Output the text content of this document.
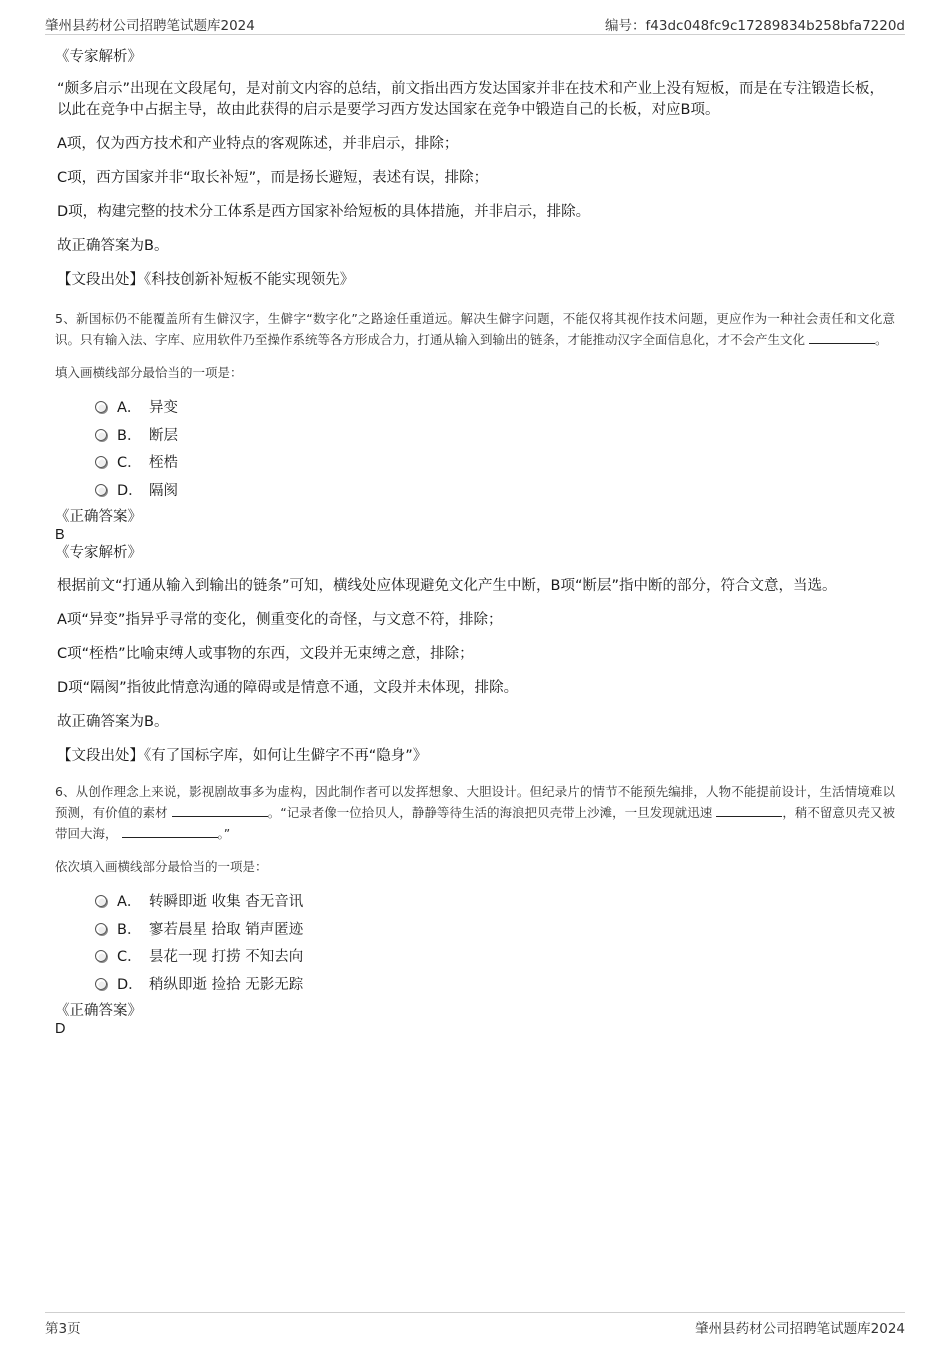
肇州县药材公司招聘笔试题库2024	编号：f43dc048fc9c17289834b258bfa7220d
《专家解析》
“颇多启示”出现在文段尾句，是对前文内容的总结，前文指出西方发达国家并非在技术和产业上没有短板，而是在专注锻造长板，以此在竞争中占据主导，故由此获得的启示是要学习西方发达国家在竞争中锻造自己的长板，对应B项。
A项，仅为西方技术和产业特点的客观陈述，并非启示，排除；
C项，西方国家并非“取长补短”，而是扬长避短，表述有误，排除；
D项，构建完整的技术分工体系是西方国家补给短板的具体措施，并非启示，排除。
故正确答案为B。
【文段出处】《科技创新补短板不能实现领先》
5、新国标仍不能覆盖所有生僻汉字，生僻字“数字化”之路途任重道远。解决生僻字问题，不能仅将其视作技术问题，更应作为一种社会责任和文化意识。只有输入法、字库、应用软件乃至操作系统等各方形成合力，打通从输入到输出的链条，才能推动汉字全面信息化，才不会产生文化	。
填入画横线部分最恰当的一项是：
A． 异变
B． 断层
C． 桎梏
D． 隔阂
《正确答案》
B
《专家解析》
根据前文“打通从输入到输出的链条”可知，横线处应体现避免文化产生中断，B项“断层”指中断的部分，符合文意，当选。
A项“异变”指异乎寻常的变化，侧重变化的奇怪，与文意不符，排除；
C项“桎梏”比喻束缚人或事物的东西，文段并无束缚之意，排除；
D项“隔阂”指彼此情意沟通的障碍或是情意不通，文段并未体现，排除。
故正确答案为B。
【文段出处】《有了国标字库，如何让生僻字不再“隐身”》
6、从创作理念上来说，影视剧故事多为虚构，因此制作者可以发挥想象、大胆设计。但纪录片的情节不能预先编排，人物不能提前设计，生活情境难以预测，有价值的素材	。“记录者像一位拾贝人，静静等待生活的海浪把贝壳带上沙滩，一旦发现就迅速	，稍不留意贝壳又被带回大海，	。”
依次填入画横线部分最恰当的一项是：
A． 转瞬即逝 收集 杳无音讯
B． 寥若晨星 拾取 销声匿迹
C． 昙花一现 打捞 不知去向
D． 稍纵即逝 捡拾 无影无踪
《正确答案》
D
第3页	肇州县药材公司招聘笔试题库2024
